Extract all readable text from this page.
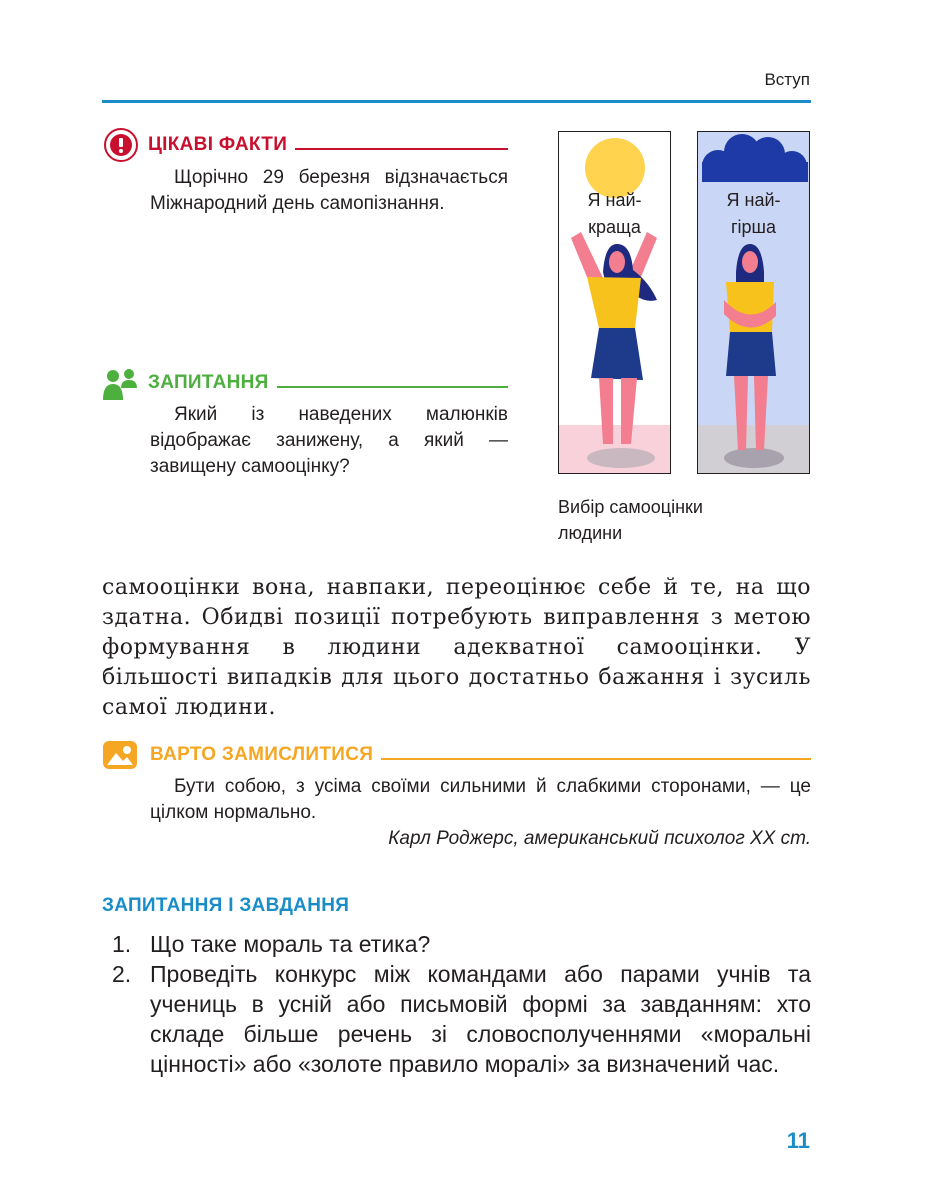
Вступ
ЦІКАВІ ФАКТИ

Щорічно 29 березня відзначається Міжнародний день самопізнання.

ЗАПИТАННЯ

Який із наведених малюнків відображає занижену, а який — завищену самооцінку?

Я най-
краща
Я най-
гірша
Вибір самооцінки
людини

самооцінки вона, навпаки, переоцінює себе й те, на що здатна. Обидві позиції потребують виправлення з метою формування в людини адекватної самооцінки. У більшості випадків для цього достатньо бажання і зусиль самої людини.

ВАРТО ЗАМИСЛИТИСЯ

Бути собою, з усіма своїми сильними й слабкими сторонами, — це цілком нормально.

Карл Роджерс, американський психолог XX ст.
ЗАПИТАННЯ І ЗАВДАННЯ
1. Що таке мораль та етика?
2. Проведіть конкурс між командами або парами учнів та учениць в усній або письмовій формі за завданням: хто складе більше речень зі словосполученнями «моральні цінності» або «золоте правило моралі» за визначений час.
11
